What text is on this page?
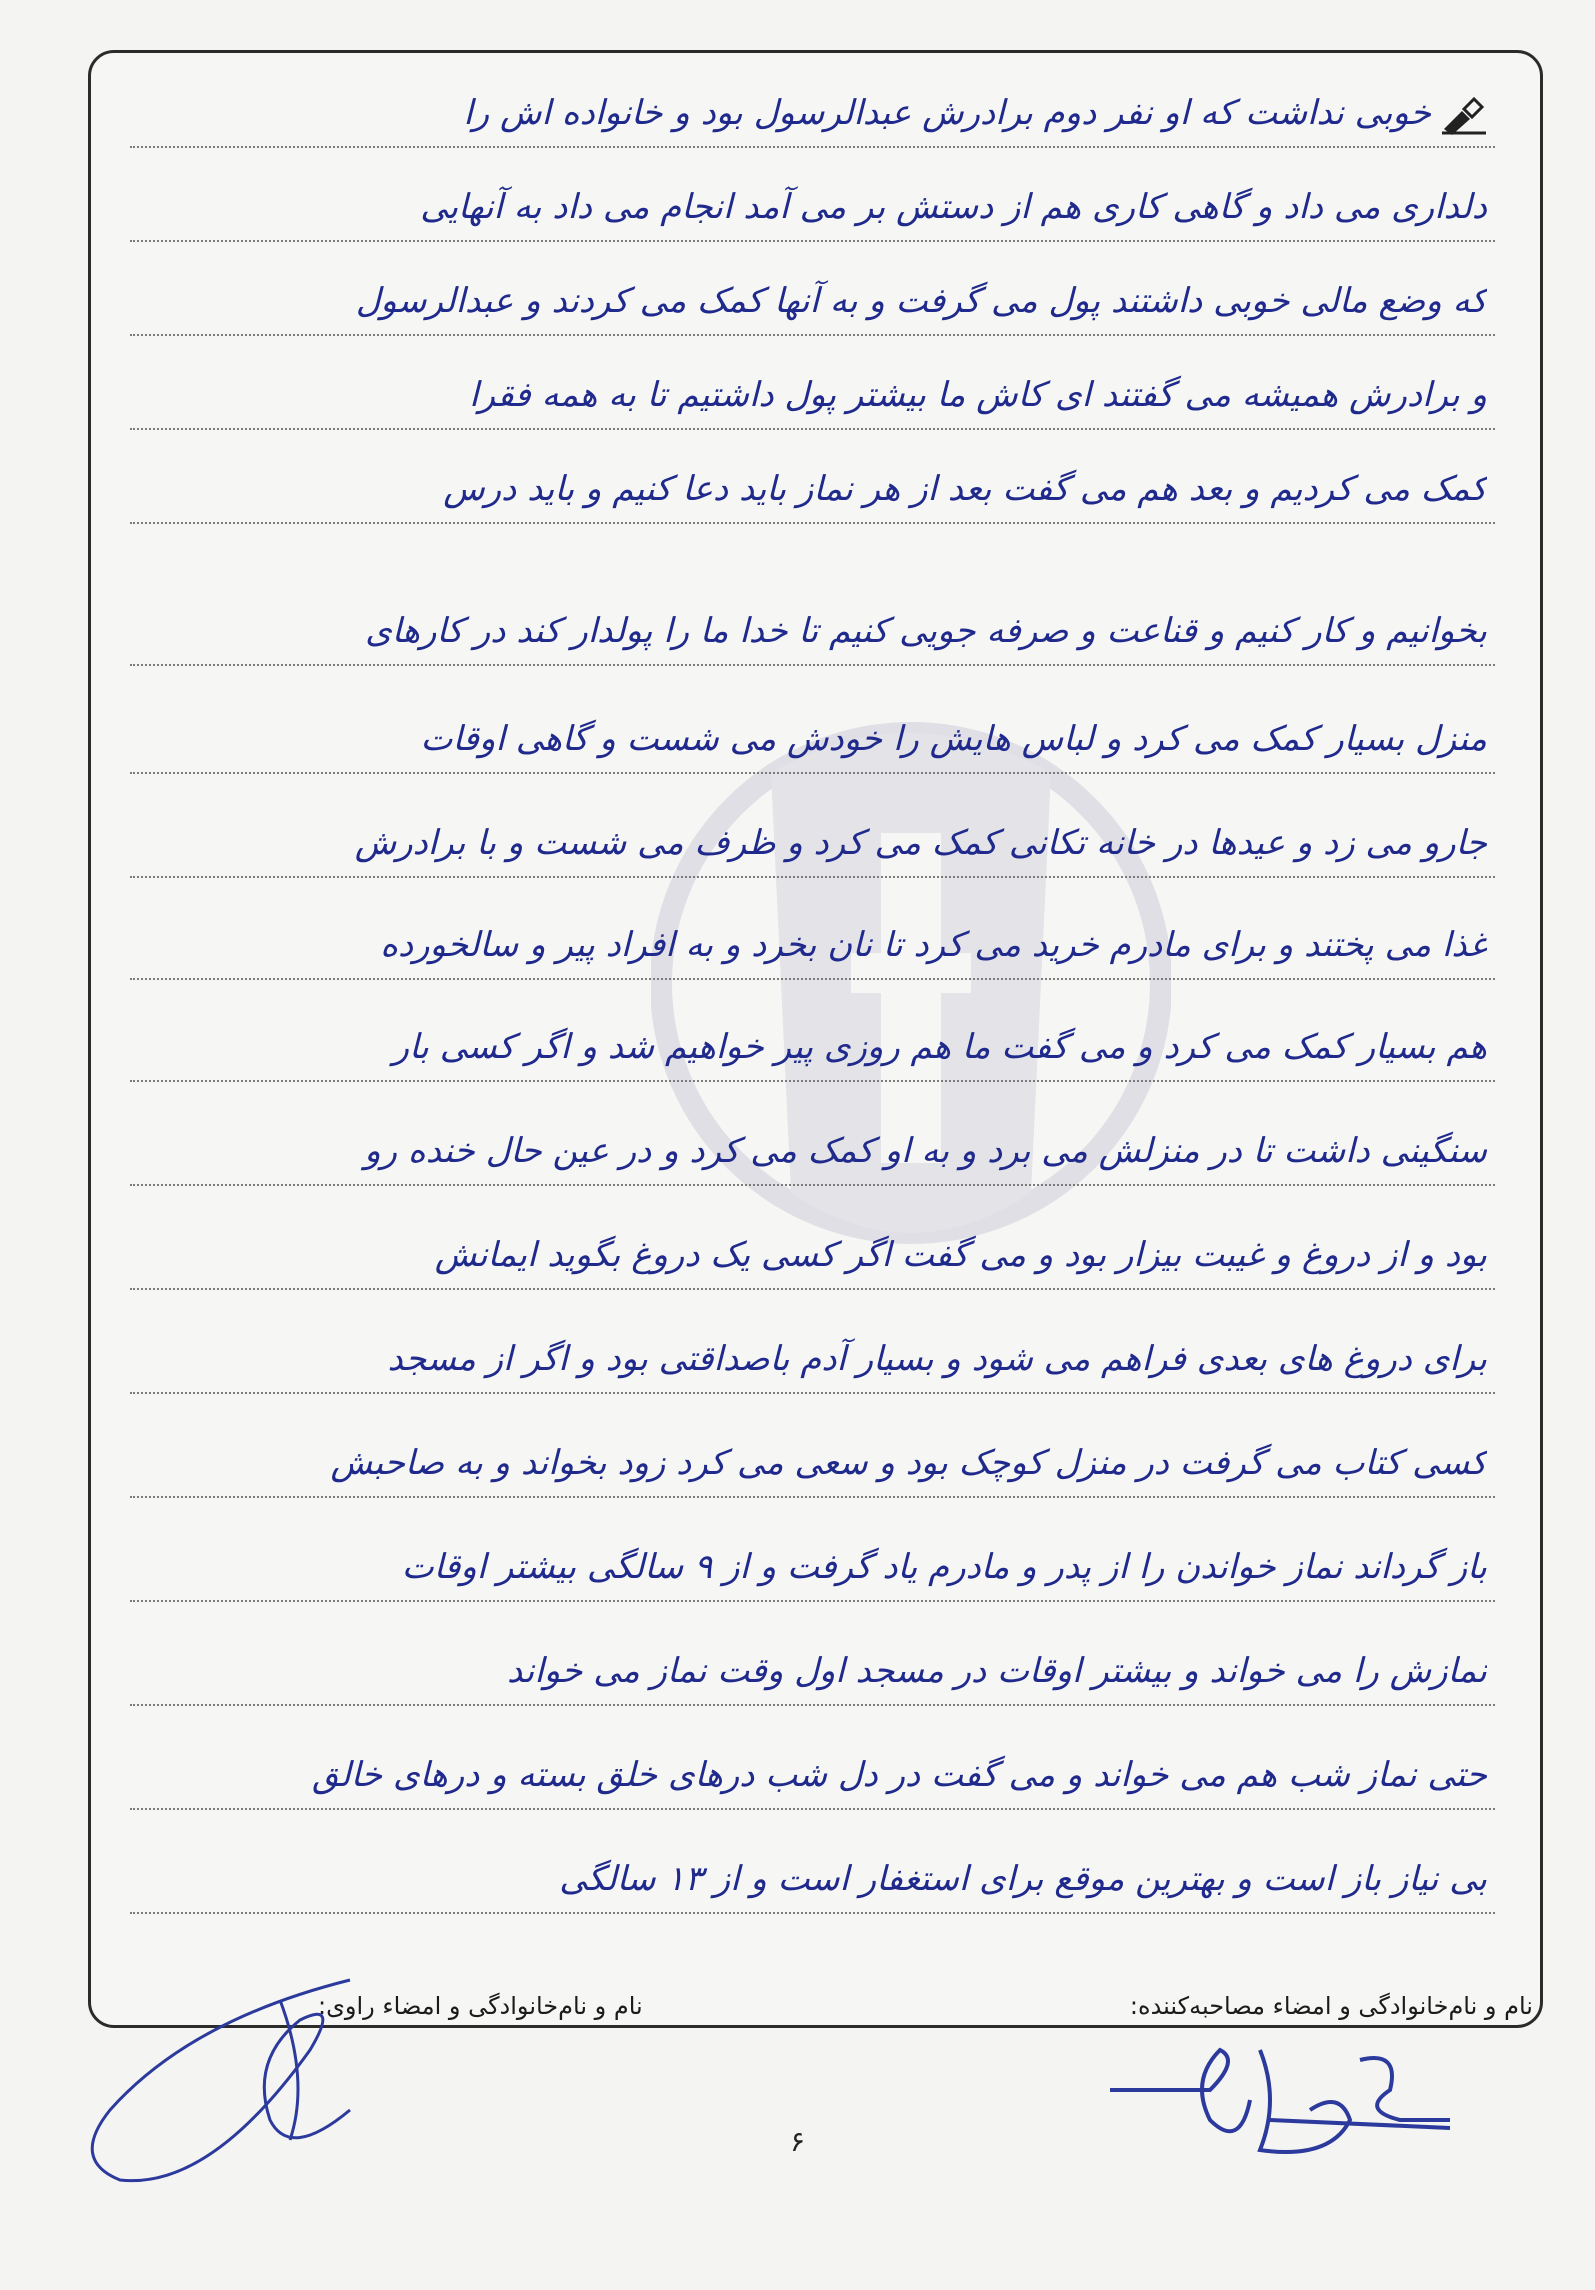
خوبی نداشت که او نفر دوم برادرش عبدالرسول بود و خانواده اش را
دلداری می داد و گاهی کاری هم از دستش بر می آمد انجام می داد به آنهایی
که وضع مالی خوبی داشتند پول می گرفت و به آنها کمک می کردند و عبدالرسول
و برادرش همیشه می گفتند ای کاش ما بیشتر پول داشتیم تا به همه فقرا
کمک می کردیم و بعد هم می گفت بعد از هر نماز باید دعا کنیم و باید درس
بخوانیم و کار کنیم و قناعت و صرفه جویی کنیم تا خدا ما را پولدار کند در کارهای
منزل بسیار کمک می کرد و لباس هایش را خودش می شست و گاهی اوقات
جارو می زد و عیدها در خانه تکانی کمک می کرد و ظرف می شست و با برادرش
غذا می پختند و برای مادرم خرید می کرد تا نان بخرد و به افراد پیر و سالخورده
هم بسیار کمک می کرد و می گفت ما هم روزی پیر خواهیم شد و اگر کسی بار
سنگینی داشت تا در منزلش می برد و به او کمک می کرد و در عین حال خنده رو
بود و از دروغ و غیبت بیزار بود و می گفت اگر کسی یک دروغ بگوید ایمانش
برای دروغ های بعدی فراهم می شود و بسیار آدم باصداقتی بود و اگر از مسجد
کسی کتاب می گرفت در منزل کوچک بود و سعی می کرد زود بخواند و به صاحبش
باز گرداند نماز خواندن را از پدر و مادرم یاد گرفت و از ۹ سالگی بیشتر اوقات
نمازش را می خواند و بیشتر اوقات در مسجد اول وقت نماز می خواند
حتی نماز شب هم می خواند و می گفت در دل شب درهای خلق بسته و درهای خالق
بی نیاز باز است و بهترین موقع برای استغفار است و از ۱۳ سالگی
نام و نام‌خانوادگی و امضاء مصاحبه‌کننده:
نام و نام‌خانوادگی و امضاء راوی:
۶
